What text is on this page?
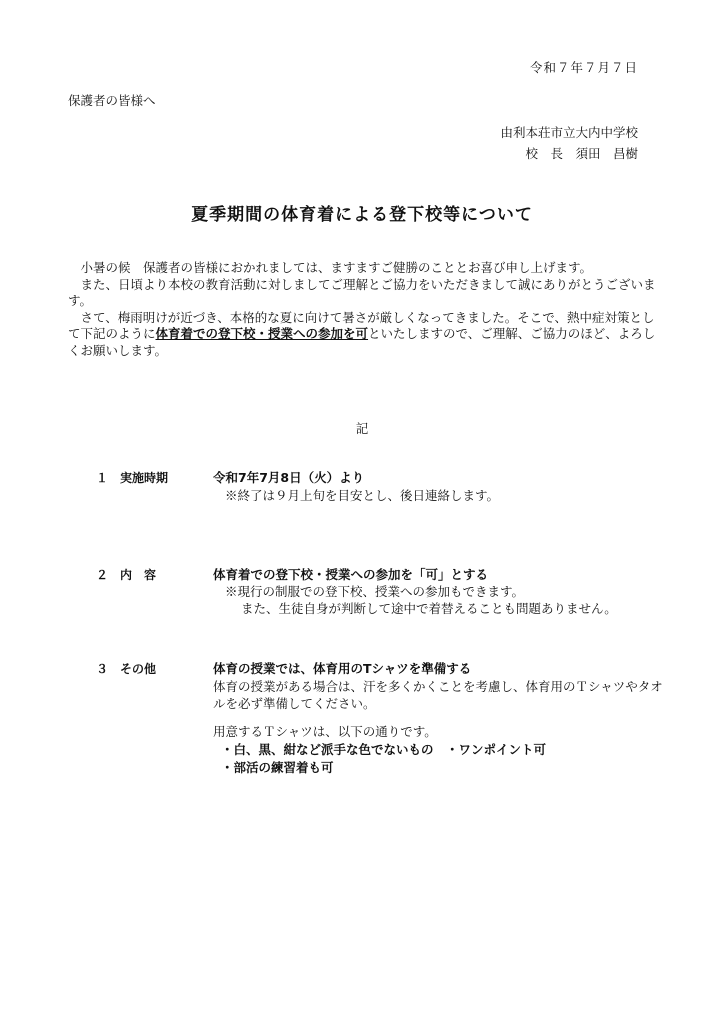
令和７年７月７日
保護者の皆様へ
由利本荘市立大内中学校
校　長　須田　昌樹
夏季期間の体育着による登下校等について

小暑の候　保護者の皆様におかれましては、ますますご健勝のこととお喜び申し上げます。

また、日頃より本校の教育活動に対しましてご理解とご協力をいただきまして誠にありがとうございます。

さて、梅雨明けが近づき、本格的な夏に向けて暑さが厳しくなってきました。そこで、熱中症対策として下記のように体育着での登下校・授業への参加を可といたしますので、ご理解、ご協力のほど、よろしくお願いします。

記
１　実施時期	令和7年7月8日（火）より
※終了は９月上旬を目安とし、後日連絡します。
２　内　容	体育着での登下校・授業への参加を「可」とする
※現行の制服での登下校、授業への参加もできます。
また、生徒自身が判断して途中で着替えることも問題ありません。
３　その他	体育の授業では、体育用のTシャツを準備する
体育の授業がある場合は、汗を多くかくことを考慮し、体育用のＴシャツやタオルを必ず準備してください。
用意するＴシャツは、以下の通りです。
・白、黒、紺など派手な色でないもの　・ワンポイント可
・部活の練習着も可
